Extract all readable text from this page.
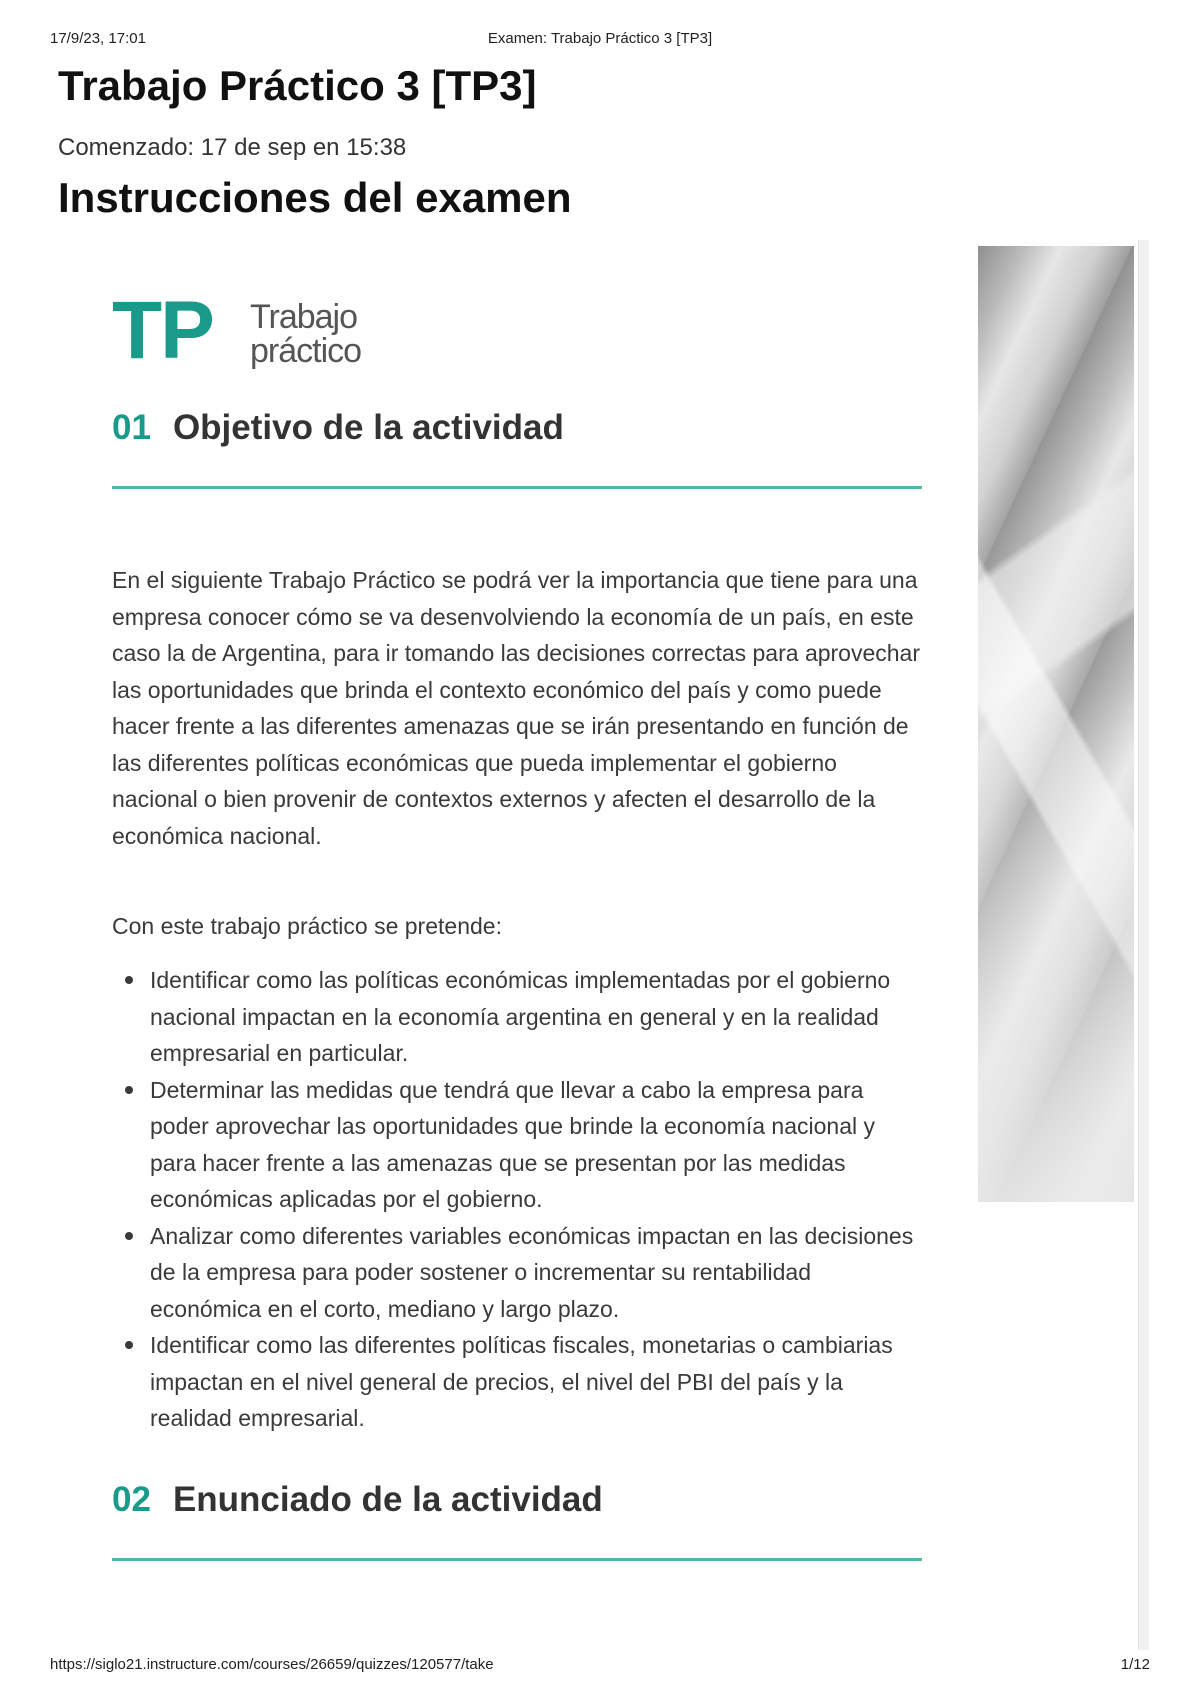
17/9/23, 17:01	Examen: Trabajo Práctico 3 [TP3]
Trabajo Práctico 3 [TP3]
Comenzado: 17 de sep en 15:38
Instrucciones del examen
TP Trabajo
práctico
01 Objetivo de la actividad

En el siguiente Trabajo Práctico se podrá ver la importancia que tiene para una empresa conocer cómo se va desenvolviendo la economía de un país, en este caso la de Argentina, para ir tomando las decisiones correctas para aprovechar las oportunidades que brinda el contexto económico del país y como puede hacer frente a las diferentes amenazas que se irán presentando en función de las diferentes políticas económicas que pueda implementar el gobierno nacional o bien provenir de contextos externos y afecten el desarrollo de la económica nacional.

Con este trabajo práctico se pretende:

Identificar como las políticas económicas implementadas por el gobierno nacional impactan en la economía argentina en general y en la realidad empresarial en particular.
Determinar las medidas que tendrá que llevar a cabo la empresa para poder aprovechar las oportunidades que brinde la economía nacional y para hacer frente a las amenazas que se presentan por las medidas económicas aplicadas por el gobierno.
Analizar como diferentes variables económicas impactan en las decisiones de la empresa para poder sostener o incrementar su rentabilidad económica en el corto, mediano y largo plazo.
Identificar como las diferentes políticas fiscales, monetarias o cambiarias impactan en el nivel general de precios, el nivel del PBI del país y la realidad empresarial.
02 Enunciado de la actividad
https://siglo21.instructure.com/courses/26659/quizzes/120577/take	1/12
